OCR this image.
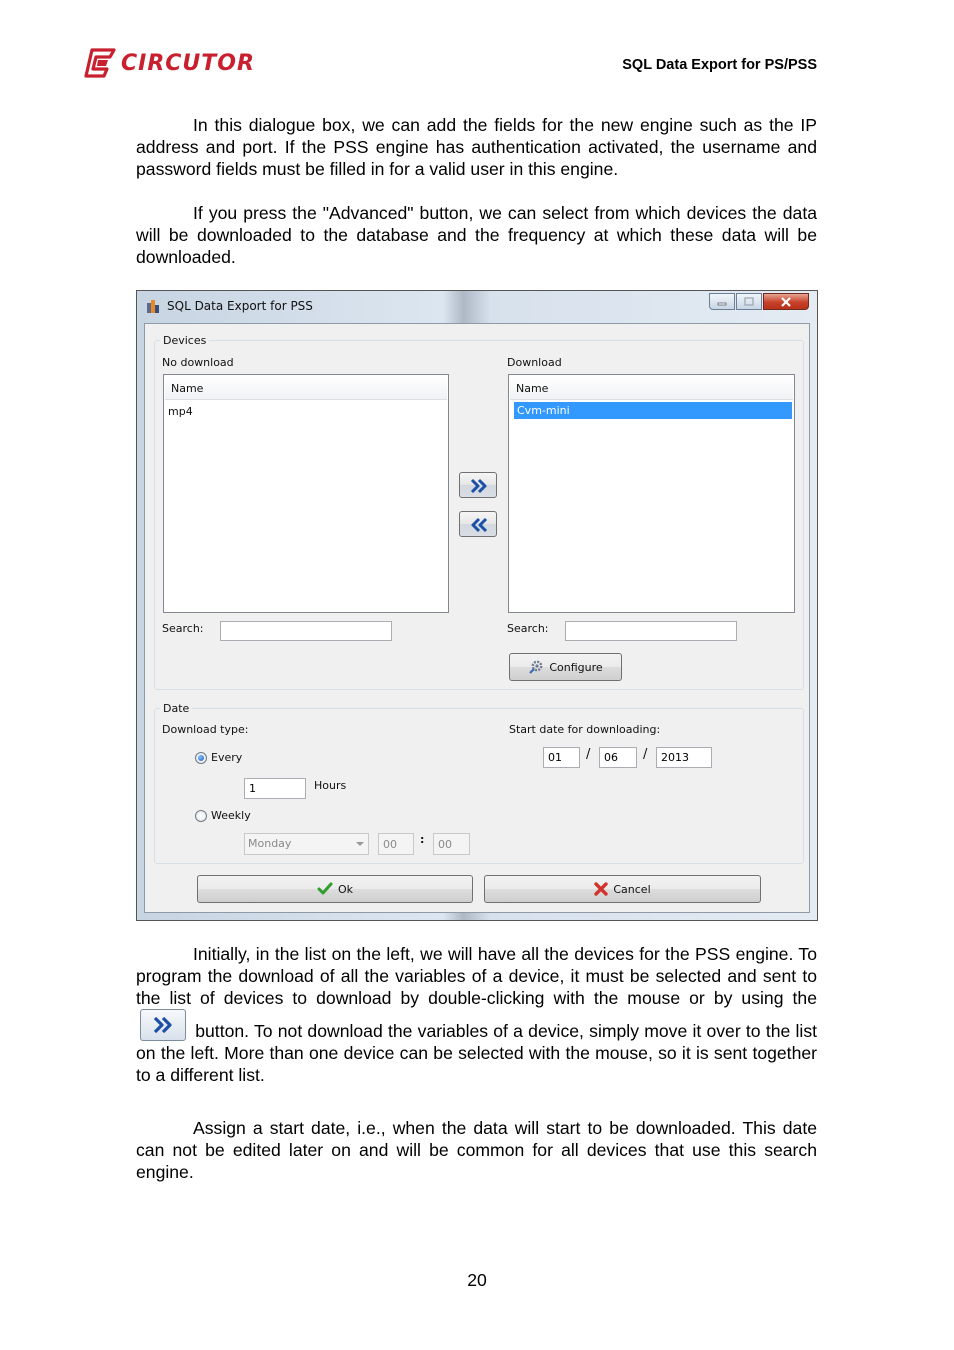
CIRCUTOR	SQL Data Export for PS/PSS

In this dialogue box, we can add the fields for the new engine such as the IP address and port. If the PSS engine has authentication activated, the username and password fields must be filled in for a valid user in this engine.

If you press the "Advanced" button, we can select from which devices the data will be downloaded to the database and the frequency at which these data will be downloaded.

SQL Data Export for PSS
Devices
No download	Download
Name
mp4
Name
Cvm-mini
Search:	Search:
Configure
Date
Download type:	Start date for downloading:
Every
1
Hours
Weekly
Monday
00	:
00
01
/
06	/
2013
Ok	Cancel

Initially, in the list on the left, we will have all the devices for the PSS engine. To program the download of all the variables of a device, it must be selected and sent to the list of devices to download by double-clicking with the mouse or by using the
button. To not download the variables of a device, simply move it over to the list on the left. More than one device can be selected with the mouse, so it is sent together to a different list.

Assign a start date, i.e., when the data will start to be downloaded. This date can not be edited later on and will be common for all devices that use this search engine.

20
